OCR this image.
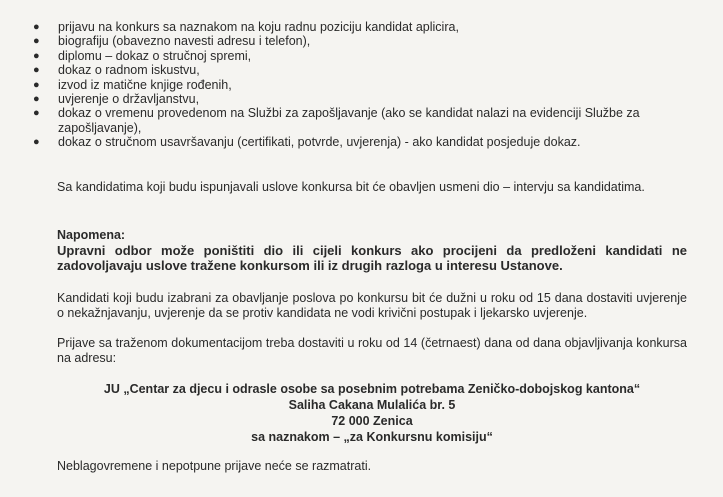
● prijavu na konkurs sa naznakom na koju radnu poziciju kandidat aplicira,
● biografiju (obavezno navesti adresu i telefon),
● diplomu – dokaz o stručnoj spremi,
● dokaz o radnom iskustvu,
● izvod iz matične knjige rođenih,
● uvjerenje o državljanstvu,
● dokaz o vremenu provedenom na Službi za zapošljavanje (ako se kandidat nalazi na evidenciji Službe za zapošljavanje),
● dokaz o stručnom usavršavanju (certifikati, potvrde, uvjerenja) - ako kandidat posjeduje dokaz.
Sa kandidatima koji budu ispunjavali uslove konkursa bit će obavljen usmeni dio – intervju sa kandidatima.
Napomena:
Upravni odbor može poništiti dio ili cijeli konkurs ako procijeni da predloženi kandidati ne zadovoljavaju uslove tražene konkursom ili iz drugih razloga u interesu Ustanove.
Kandidati koji budu izabrani za obavljanje poslova po konkursu bit će dužni u roku od 15 dana dostaviti uvjerenje o nekažnjavanju, uvjerenje da se protiv kandidata ne vodi krivični postupak i ljekarsko uvjerenje.
Prijave sa traženom dokumentacijom treba dostaviti u roku od 14 (četrnaest) dana od dana objavljivanja konkursa na adresu:
JU „Centar za djecu i odrasle osobe sa posebnim potrebama Zeničko-dobojskog kantona“
Saliha Cakana Mulalića br. 5
72 000 Zenica
sa naznakom – „za Konkursnu komisiju“
Neblagovremene i nepotpune prijave neće se razmatrati.
